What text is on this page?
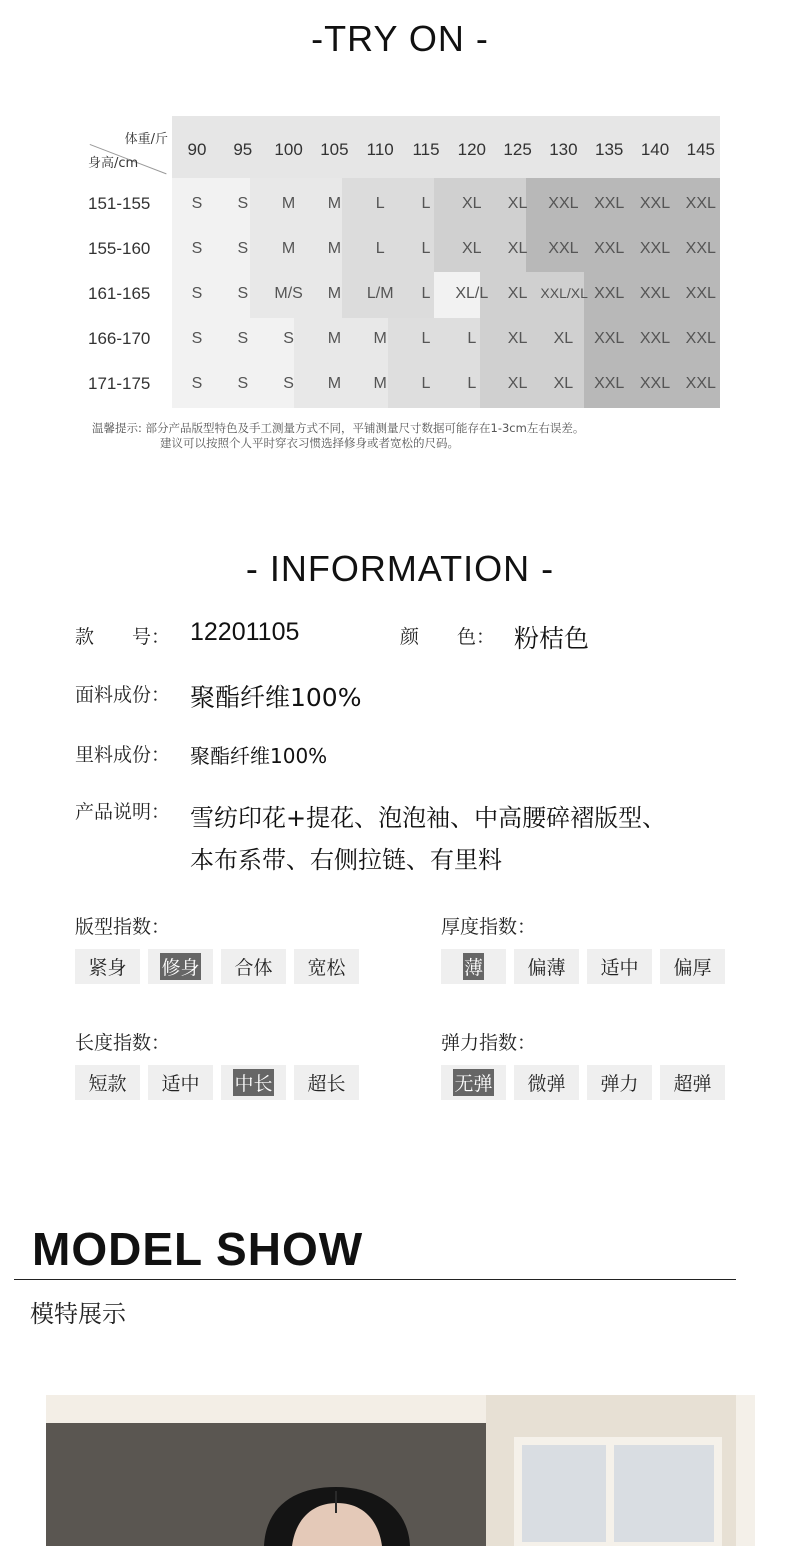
-TRY ON -
体重/斤
身高/cm
90	95	100	105	110	115	120	125	130	135	140	145
151-155	S	S	M	M	L	L	XL	XL	XXL XXL XXL XXL
155-160	S	S	M	M	L	L	XL	XL	XXL XXL XXL XXL
161-165	S	S	M/S	M	L/M	L	XL/L	XL XXL/XL XXL XXL XXL
166-170	S	S	S	M	M	L	L	XL	XL	XXL XXL XXL
171-175	S	S	S	M	M	L	L	XL	XL	XXL XXL XXL
温馨提示: 部分产品版型特色及手工测量方式不同，平铺测量尺寸数据可能存在1-3cm左右误差。
建议可以按照个人平时穿衣习惯选择修身或者宽松的尺码。
- INFORMATION -
款　　号： 12201105	颜　　色： 粉桔色
面料成份： 聚酯纤维100%
里料成份： 聚酯纤维100%
产品说明： 雪纺印花+提花、泡泡袖、中高腰碎褶版型、
本布系带、右侧拉链、有里料
版型指数：
紧身 修身 合体 宽松
厚度指数：
薄 偏薄 适中 偏厚
长度指数：
短款 适中 中长 超长
弹力指数：
无弹 微弹 弹力 超弹
MODEL SHOW
模特展示
